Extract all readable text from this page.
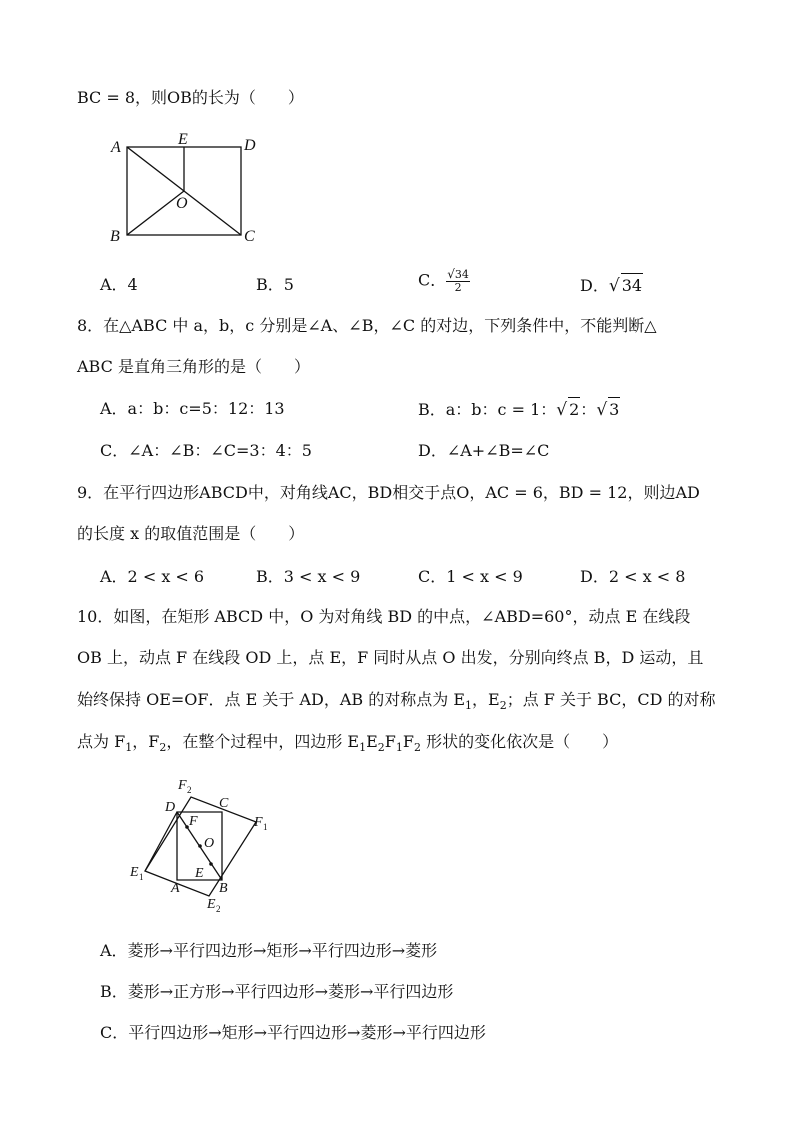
BC = 8，则OB的长为（　　）
A	E	D
O
B	C
A．4	B．5	C． $\frac{√34}{2}$	D．√ 34
8．在△ABC 中 a，b，c 分别是∠A、∠B，∠C 的对边，下列条件中，不能判断△
ABC 是直角三角形的是（　　）
A．a：b：c=5：12：13	B．a：b：c = 1：√ 2：√ 3
C．∠A：∠B：∠C=3：4：5	D．∠A+∠B=∠C
9．在平行四边形ABCD中，对角线AC，BD相交于点O，AC = 6，BD = 12，则边AD
的长度 x 的取值范围是（　　）
A．2 < x < 6	B．3 < x < 9	C．1 < x < 9	D．2 < x < 8
10．如图，在矩形 ABCD 中，O 为对角线 BD 的中点，∠ABD=60°，动点 E 在线段
OB 上，动点 F 在线段 OD 上，点 E，F 同时从点 O 出发，分别向终点 B，D 运动，且
始终保持 OE=OF．点 E 关于 AD，AB 的对称点为 $E_1$，$E_2$；点 F 关于 BC，CD 的对称
点为 $F_1$，$F_2$，在整个过程中，四边形 $E_1E_2F_1F_2$ 形状的变化依次是（　　）
F 2
D	C
F 1
F
O
E
E 1
A	B
E 2
A．菱形→平行四边形→矩形→平行四边形→菱形
B．菱形→正方形→平行四边形→菱形→平行四边形
C．平行四边形→矩形→平行四边形→菱形→平行四边形
